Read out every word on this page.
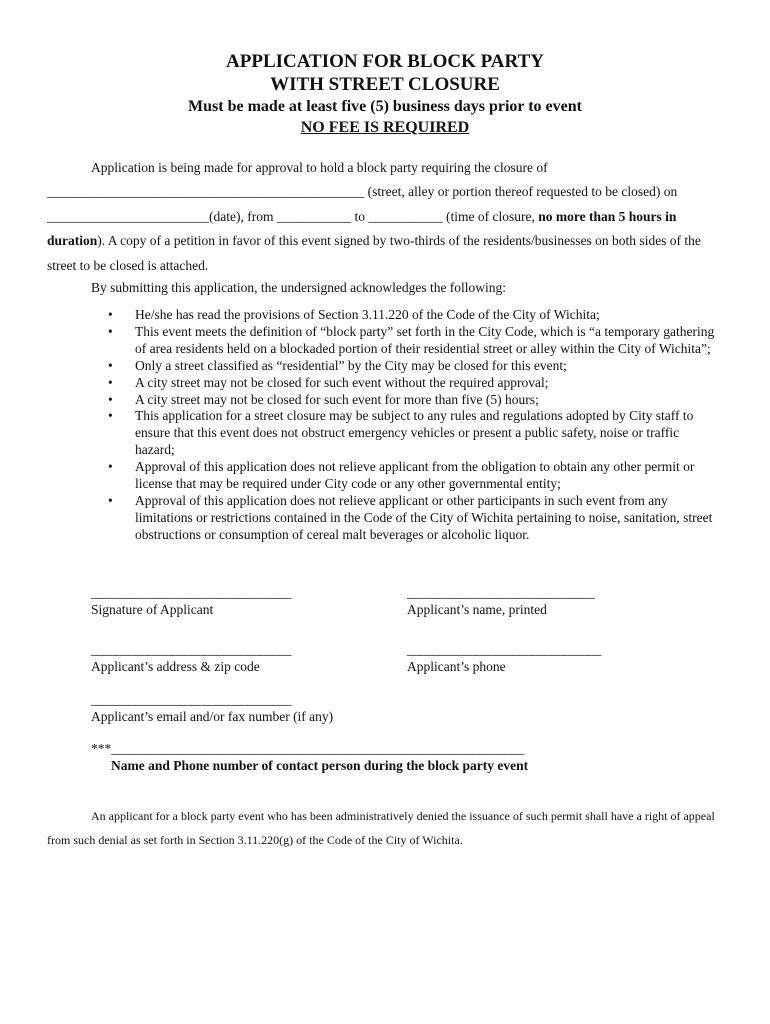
APPLICATION FOR BLOCK PARTY

WITH STREET CLOSURE

Must be made at least five (5) business days prior to event

NO FEE IS REQUIRED

Application is being made for approval to hold a block party requiring the closure of
_______________________________________________ (street, alley or portion thereof requested to be closed) on
________________________(date), from ___________ to ___________ (time of closure, no more than 5 hours in duration). A copy of a petition in favor of this event signed by two-thirds of the residents/businesses on both sides of the street to be closed is attached.
By submitting this application, the undersigned acknowledges the following:
• He/she has read the provisions of Section 3.11.220 of the Code of the City of Wichita;
• This event meets the definition of “block party” set forth in the City Code, which is “a temporary gathering of area residents held on a blockaded portion of their residential street or alley within the City of Wichita”;
• Only a street classified as “residential” by the City may be closed for this event;
• A city street may not be closed for such event without the required approval;
• A city street may not be closed for such event for more than five (5) hours;
• This application for a street closure may be subject to any rules and regulations adopted by City staff to ensure that this event does not obstruct emergency vehicles or present a public safety, noise or traffic hazard;
• Approval of this application does not relieve applicant from the obligation to obtain any other permit or license that may be required under City code or any other governmental entity;
• Approval of this application does not relieve applicant or other participants in such event from any limitations or restrictions contained in the Code of the City of Wichita pertaining to noise, sanitation, street obstructions or consumption of cereal malt beverages or alcoholic liquor.
________________________________
Signature of Applicant
______________________________
Applicant’s name, printed
________________________________
Applicant’s address & zip code
_______________________________
Applicant’s phone
________________________________
Applicant’s email and/or fax number (if any)
***________________________________________________________________
Name and Phone number of contact person during the block party event
An applicant for a block party event who has been administratively denied the issuance of such permit shall have a right of appeal from such denial as set forth in Section 3.11.220(g) of the Code of the City of Wichita.
